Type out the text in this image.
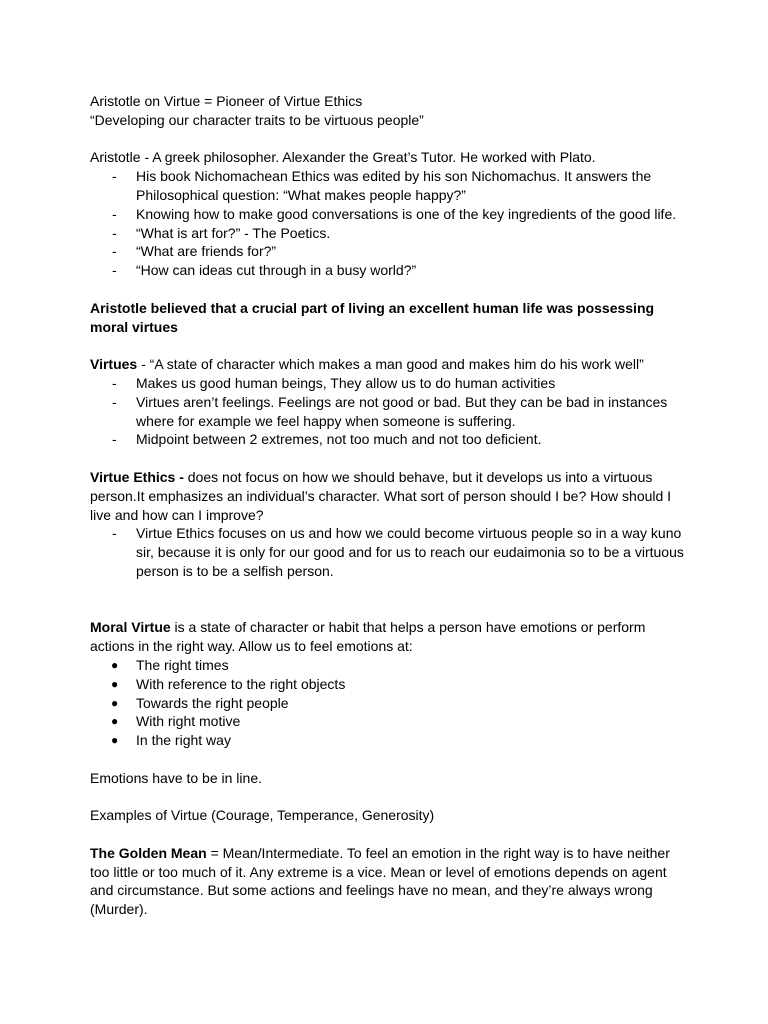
Aristotle on Virtue = Pioneer of Virtue Ethics

“Developing our character traits to be virtuous people”

Aristotle - A greek philosopher. Alexander the Great’s Tutor. He worked with Plato.

- His book Nichomachean Ethics was edited by his son Nichomachus. It answers the Philosophical question: “What makes people happy?”
- Knowing how to make good conversations is one of the key ingredients of the good life.
- “What is art for?” - The Poetics.
- “What are friends for?”
- “How can ideas cut through in a busy world?”

Aristotle believed that a crucial part of living an excellent human life was possessing moral virtues

Virtues - “A state of character which makes a man good and makes him do his work well”

- Makes us good human beings, They allow us to do human activities
- Virtues aren’t feelings. Feelings are not good or bad. But they can be bad in instances where for example we feel happy when someone is suffering.
- Midpoint between 2 extremes, not too much and not too deficient.

Virtue Ethics - does not focus on how we should behave, but it develops us into a virtuous person.It emphasizes an individual’s character. What sort of person should I be? How should I live and how can I improve?

- Virtue Ethics focuses on us and how we could become virtuous people so in a way kuno sir, because it is only for our good and for us to reach our eudaimonia so to be a virtuous person is to be a selfish person.

Moral Virtue is a state of character or habit that helps a person have emotions or perform actions in the right way. Allow us to feel emotions at:

● The right times
● With reference to the right objects
● Towards the right people
● With right motive
● In the right way

Emotions have to be in line.

Examples of Virtue (Courage, Temperance, Generosity)

The Golden Mean = Mean/Intermediate. To feel an emotion in the right way is to have neither too little or too much of it. Any extreme is a vice. Mean or level of emotions depends on agent and circumstance. But some actions and feelings have no mean, and they’re always wrong (Murder).
